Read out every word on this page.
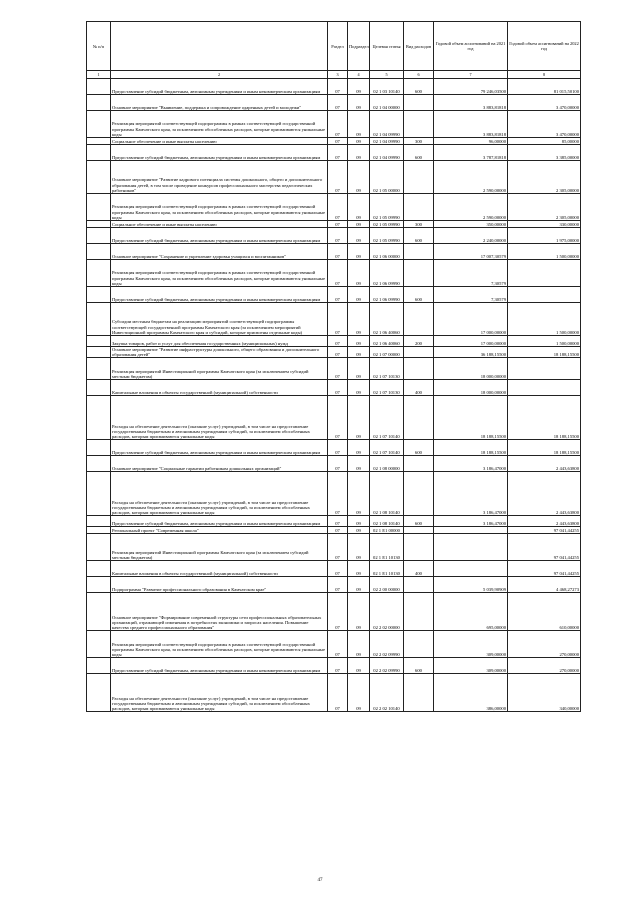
№ п/п		Раздел	Подраздел	Целевая статья	Вид расходов	Годовой объем ассигнований на 2021 год	Годовой объем ассигнований на 2022 год
1	2	3	4	5	6	7	8
	Предоставление субсидий бюджетным, автономным учреждениям и иным некоммерческим организациям	07	09	02 1 03 10140	600	79 246,03500	81 015,50100
	Основное мероприятие "Выявление, поддержка и сопровождение одаренных детей и молодежи"	07	09	02 1 04 00000		3 883,81818	3 470,00000
	Реализация мероприятий соответствующей подпрограммы в рамках соответствующей государственной программы Камчатского края, за исключением обособленных расходов, которые присваиваются уникальные коды	07	09	02 1 04 09990		3 883,81818	3 470,00000
	Социальное обеспечение и иные выплаты населению	07	09	02 1 04 09990	300	96,00000	85,00000
	Предоставление субсидий бюджетным, автономным учреждениям и иным некоммерческим организациям	07	09	02 1 04 09990	600	3 787,81818	3 385,00000
	Основное мероприятие "Развитие кадрового потенциала системы дошкольного, общего и дополнительного образования детей, в том числе проведение конкурсов профессионального мастерства педагогических работников"	07	09	02 1 05 00000		2 590,00000	2 305,00000
	Реализация мероприятий соответствующей подпрограммы в рамках соответствующей государственной программы Камчатского края, за исключением обособленных расходов, которые присваиваются уникальные коды	07	09	02 1 05 09990		2 590,00000	2 305,00000
	Социальное обеспечение и иные выплаты населению	07	09	02 1 05 09990	300	350,00000	330,00000
	Предоставление субсидий бюджетным, автономным учреждениям и иным некоммерческим организациям	07	09	02 1 05 09990	600	2 240,00000	1 975,00000
	Основное мероприятие "Сохранение и укрепление здоровья учащихся и воспитанников"	07	09	02 1 06 00000		17 007,30579	1 500,00000
	Реализация мероприятий соответствующей подпрограммы в рамках соответствующей государственной программы Камчатского края, за исключением обособленных расходов, которые присваиваются уникальные коды	07	09	02 1 06 09990		7,30579	
	Предоставление субсидий бюджетным, автономным учреждениям и иным некоммерческим организациям	07	09	02 1 06 09990	600	7,30579	
	Субсидии местным бюджетам на реализацию мероприятий соответствующей подпрограммы соответствующей государственной программы Камчатского края (за исключением мероприятий Инвестиционной программы Камчатского края и субсидий, которые присвоены отдельные коды)	07	09	02 1 06 40060		17 000,00000	1 500,00000
	Закупка товаров, работ и услуг для обеспечения государственных (муниципальных) нужд	07	09	02 1 06 40060	200	17 000,00000	1 500,00000
	Основное мероприятие "Развитие инфраструктуры дошкольного, общего образования и дополнительного образования детей"	07	09	02 1 07 00000		36 188,15500	18 188,15500
	Реализация мероприятий Инвестиционной программы Камчатского края (за исключением субсидий местным бюджетам)	07	09	02 1 07 10130		18 000,00000	
	Капитальные вложения в объекты государственной (муниципальной) собственности	07	09	02 1 07 10130	400	18 000,00000	
	Расходы на обеспечение деятельности (оказание услуг) учреждений, в том числе на предоставление государственным бюджетным и автономным учреждениям субсидий, за исключением обособленных расходов, которым присваиваются уникальные коды	07	09	02 1 07 10140		18 188,15500	18 188,15500
	Предоставление субсидий бюджетным, автономным учреждениям и иным некоммерческим организациям	07	09	02 1 07 10140	600	18 188,15500	18 188,15500
	Основное мероприятие "Социальные гарантии работникам дошкольных организаций"	07	09	02 1 08 00000		3 186,47000	2 443,63800
	Расходы на обеспечение деятельности (оказание услуг) учреждений, в том числе на предоставление государственным бюджетным и автономным учреждениям субсидий, за исключением обособленных расходов, которым присваиваются уникальные коды	07	09	02 1 08 10140		3 186,47000	2 443,63800
	Предоставление субсидий бюджетным, автономным учреждениям и иным некоммерческим организациям	07	09	02 1 08 10140	600	3 186,47000	2 443,63800
	Региональный проект "Современная школа"	07	09	02 1 E1 00000			97 041,44255
	Реализация мероприятий Инвестиционной программы Камчатского края (за исключением субсидий местным бюджетам)	07	09	02 1 E1 10130			97 041,44255
	Капитальные вложения в объекты государственной (муниципальной) собственности	07	09	02 1 E1 10130	400		97 041,44255
	Подпрограмма "Развитие профессионального образования в Камчатском крае"	07	09	02 2 00 00000		5 039,90909	4 468,27273
	Основное мероприятие "Формирование современной структуры сети профессиональных образовательных организаций, отражающей изменения в потребностях экономики и запросах населения. Повышение качества среднего профессионального образования"	07	09	02 2 02 00000		695,00000	610,00000
	Реализация мероприятий соответствующей подпрограммы в рамках соответствующей государственной программы Камчатского края, за исключением обособленных расходов, которые присваиваются уникальные коды	07	09	02 2 02 09990		309,00000	270,00000
	Предоставление субсидий бюджетным, автономным учреждениям и иным некоммерческим организациям	07	09	02 2 02 09990	600	309,00000	270,00000
	Расходы на обеспечение деятельности (оказание услуг) учреждений, в том числе на предоставление государственным бюджетным и автономным учреждениям субсидий, за исключением обособленных расходов, которым присваиваются уникальные коды	07	09	02 2 02 10140		386,00000	340,00000
47
